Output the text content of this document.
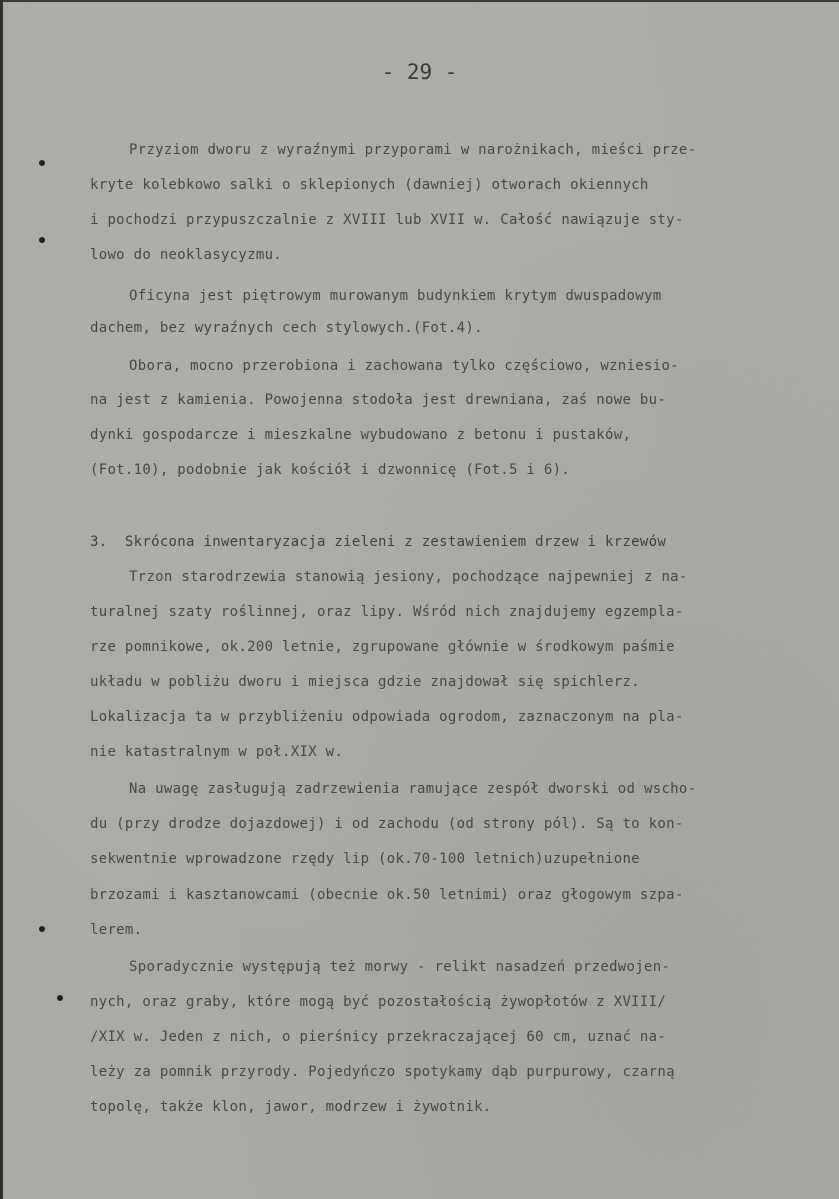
- 29 -
Przyziom dworu z wyraźnymi przyporami w narożnikach, mieści prze-
kryte kolebkowo salki o sklepionych (dawniej) otworach okiennych
i pochodzi przypuszczalnie z XVIII lub XVII w. Całość nawiązuje sty-
lowo do neoklasycyzmu.
Oficyna jest piętrowym murowanym budynkiem krytym dwuspadowym
dachem, bez wyraźnych cech stylowych.(Fot.4).
Obora, mocno przerobiona i zachowana tylko częściowo, wzniesio-
na jest z kamienia. Powojenna stodoła jest drewniana, zaś nowe bu-
dynki gospodarcze i mieszkalne wybudowano z betonu i pustaków,
(Fot.10), podobnie jak kościół i dzwonnicę (Fot.5 i 6).
3.  Skrócona inwentaryzacja zieleni z zestawieniem drzew i krzewów
Trzon starodrzewia stanowią jesiony, pochodzące najpewniej z na-
turalnej szaty roślinnej, oraz lipy. Wśród nich znajdujemy egzempla-
rze pomnikowe, ok.200 letnie, zgrupowane głównie w środkowym paśmie
układu w pobliżu dworu i miejsca gdzie znajdował się spichlerz.
Lokalizacja ta w przybliżeniu odpowiada ogrodom, zaznaczonym na pla-
nie katastralnym w poł.XIX w.
Na uwagę zasługują zadrzewienia ramujące zespół dworski od wscho-
du (przy drodze dojazdowej) i od zachodu (od strony pól). Są to kon-
sekwentnie wprowadzone rzędy lip (ok.70-100 letnich)uzupełnione
brzozami i kasztanowcami (obecnie ok.50 letnimi) oraz głogowym szpa-
lerem.
Sporadycznie występują też morwy - relikt nasadzeń przedwojen-
nych, oraz graby, które mogą być pozostałością żywopłotów z XVIII/
/XIX w. Jeden z nich, o pierśnicy przekraczającej 60 cm, uznać na-
leży za pomnik przyrody. Pojedyńczo spotykamy dąb purpurowy, czarną
topolę, także klon, jawor, modrzew i żywotnik.
